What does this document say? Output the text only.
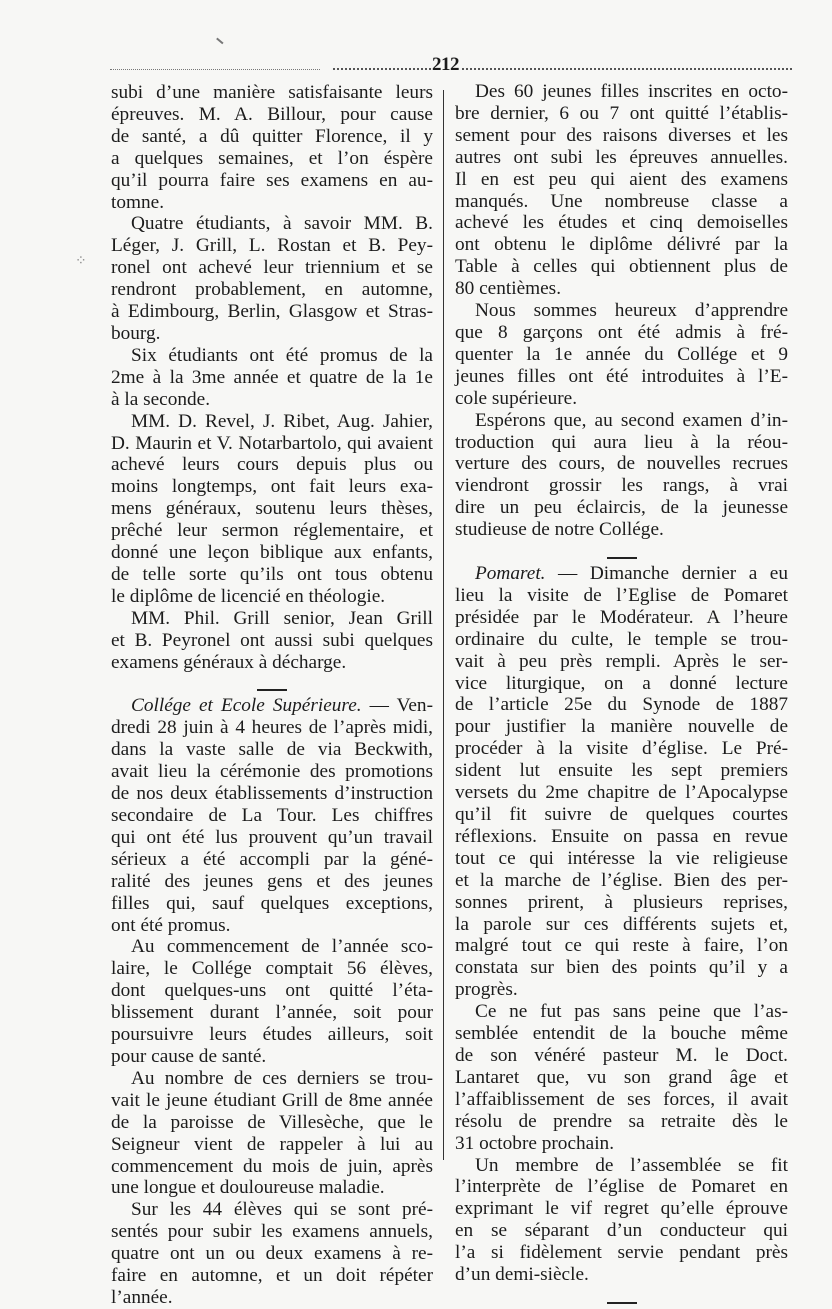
⁘
212

subi d’une manière satisfaisante leurs
épreuves. M. A. Billour, pour cause
de santé, a dû quitter Florence, il y
a quelques semaines, et l’on éspère
qu’il pourra faire ses examens en au-
tomne.

Quatre étudiants, à savoir MM. B.
Léger, J. Grill, L. Rostan et B. Pey-
ronel ont achevé leur triennium et se
rendront probablement, en automne,
à Edimbourg, Berlin, Glasgow et Stras-
bourg.

Six étudiants ont été promus de la
2me à la 3me année et quatre de la 1e
à la seconde.

MM. D. Revel, J. Ribet, Aug. Jahier,
D. Maurin et V. Notarbartolo, qui avaient
achevé leurs cours depuis plus ou
moins longtemps, ont fait leurs exa-
mens généraux, soutenu leurs thèses,
prêché leur sermon réglementaire, et
donné une leçon biblique aux enfants,
de telle sorte qu’ils ont tous obtenu
le diplôme de licencié en théologie.

MM. Phil. Grill senior, Jean Grill
et B. Peyronel ont aussi subi quelques
examens généraux à décharge.

Collége et Ecole Supérieure. — Ven-
dredi 28 juin à 4 heures de l’après midi,
dans la vaste salle de via Beckwith,
avait lieu la cérémonie des promotions
de nos deux établissements d’instruction
secondaire de La Tour. Les chiffres
qui ont été lus prouvent qu’un travail
sérieux a été accompli par la géné-
ralité des jeunes gens et des jeunes
filles qui, sauf quelques exceptions,
ont été promus.

Au commencement de l’année sco-
laire, le Collége comptait 56 élèves,
dont quelques-uns ont quitté l’éta-
blissement durant l’année, soit pour
poursuivre leurs études ailleurs, soit
pour cause de santé.

Au nombre de ces derniers se trou-
vait le jeune étudiant Grill de 8me année
de la paroisse de Villesèche, que le
Seigneur vient de rappeler à lui au
commencement du mois de juin, après
une longue et douloureuse maladie.

Sur les 44 élèves qui se sont pré-
sentés pour subir les examens annuels,
quatre ont un ou deux examens à re-
faire en automne, et un doit répéter
l’année.

Des 60 jeunes filles inscrites en octo-
bre dernier, 6 ou 7 ont quitté l’établis-
sement pour des raisons diverses et les
autres ont subi les épreuves annuelles.
Il en est peu qui aient des examens
manqués. Une nombreuse classe a
achevé les études et cinq demoiselles
ont obtenu le diplôme délivré par la
Table à celles qui obtiennent plus de
80 centièmes.

Nous sommes heureux d’apprendre
que 8 garçons ont été admis à fré-
quenter la 1e année du Collége et 9
jeunes filles ont été introduites à l’E-
cole supérieure.

Espérons que, au second examen d’in-
troduction qui aura lieu à la réou-
verture des cours, de nouvelles recrues
viendront grossir les rangs, à vrai
dire un peu éclaircis, de la jeunesse
studieuse de notre Collége.

Pomaret. — Dimanche dernier a eu
lieu la visite de l’Eglise de Pomaret
présidée par le Modérateur. A l’heure
ordinaire du culte, le temple se trou-
vait à peu près rempli. Après le ser-
vice liturgique, on a donné lecture
de l’article 25e du Synode de 1887
pour justifier la manière nouvelle de
procéder à la visite d’église. Le Pré-
sident lut ensuite les sept premiers
versets du 2me chapitre de l’Apocalypse
qu’il fit suivre de quelques courtes
réflexions. Ensuite on passa en revue
tout ce qui intéresse la vie religieuse
et la marche de l’église. Bien des per-
sonnes prirent, à plusieurs reprises,
la parole sur ces différents sujets et,
malgré tout ce qui reste à faire, l’on
constata sur bien des points qu’il y a
progrès.

Ce ne fut pas sans peine que l’as-
semblée entendit de la bouche même
de son vénéré pasteur M. le Doct.
Lantaret que, vu son grand âge et
l’affaiblissement de ses forces, il avait
résolu de prendre sa retraite dès le
31 octobre prochain.

Un membre de l’assemblée se fit
l’interprète de l’église de Pomaret en
exprimant le vif regret qu’elle éprouve
en se séparant d’un conducteur qui
l’a si fidèlement servie pendant près
d’un demi-siècle.
